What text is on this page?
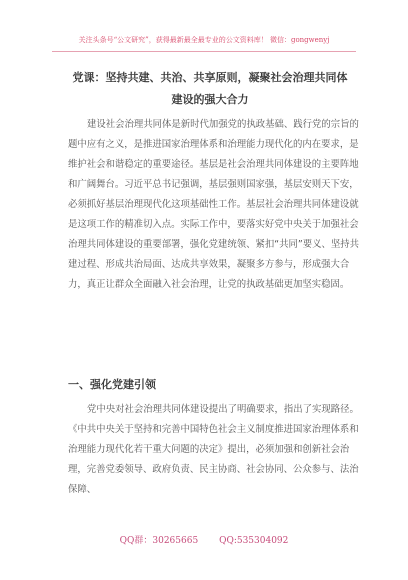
关注头条号“公文研究”，获得最新最全最专业的公文资料库！ 微信：gongwenyj
党课：坚持共建、共治、共享原则，凝聚社会治理共同体
建设的强大合力
建设社会治理共同体是新时代加强党的执政基础、践行党的宗旨的题中应有之义，是推进国家治理体系和治理能力现代化的内在要求，是维护社会和谐稳定的重要途径。基层是社会治理共同体建设的主要阵地和广阔舞台。习近平总书记强调，基层强则国家强，基层安则天下安，必须抓好基层治理现代化这项基础性工作。基层社会治理共同体建设就是这项工作的精准切入点。实际工作中，要落实好党中央关于加强社会治理共同体建设的重要部署，强化党建统领、紧扣“共同”要义、坚持共建过程、形成共治局面、达成共享效果，凝聚多方参与，形成强大合力，真正让群众全面融入社会治理，让党的执政基础更加坚实稳固。
一、强化党建引领
党中央对社会治理共同体建设提出了明确要求，指出了实现路径。《中共中央关于坚持和完善中国特色社会主义制度推进国家治理体系和治理能力现代化若干重大问题的决定》提出，必须加强和创新社会治理，完善党委领导、政府负责、民主协商、社会协同、公众参与、法治保障、
QQ群：30265665 QQ:535304092
